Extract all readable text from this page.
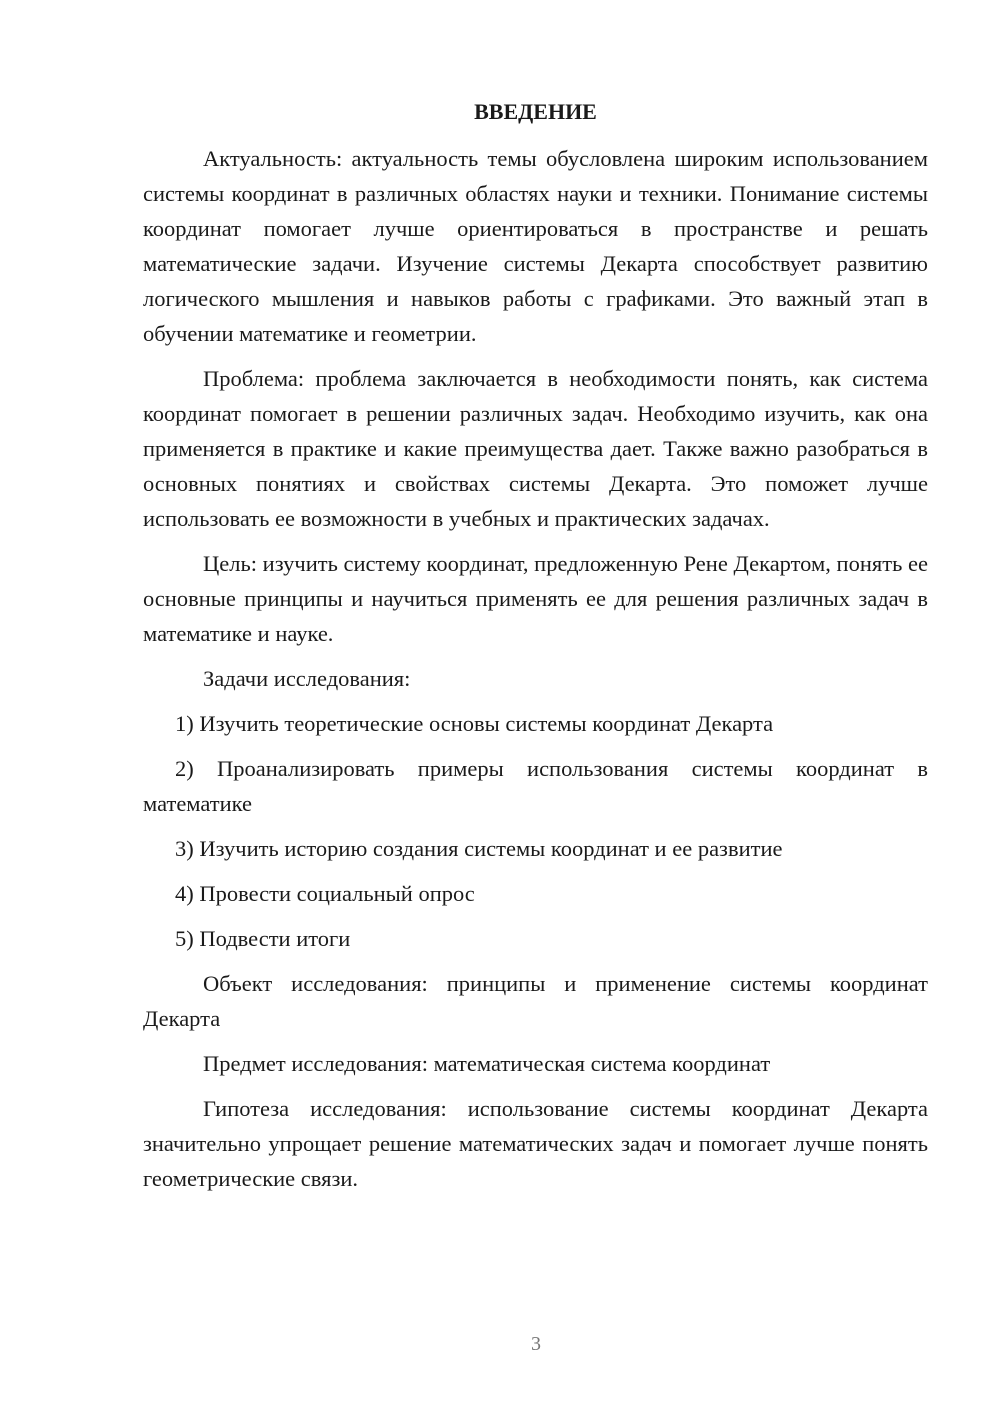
ВВЕДЕНИЕ

Актуальность: актуальность темы обусловлена широким использованием системы координат в различных областях науки и техники. Понимание системы координат помогает лучше ориентироваться в пространстве и решать математические задачи. Изучение системы Декарта способствует развитию логического мышления и навыков работы с графиками. Это важный этап в обучении математике и геометрии.

Проблема: проблема заключается в необходимости понять, как система координат помогает в решении различных задач. Необходимо изучить, как она применяется в практике и какие преимущества дает. Также важно разобраться в основных понятиях и свойствах системы Декарта. Это поможет лучше использовать ее возможности в учебных и практических задачах.

Цель: изучить систему координат, предложенную Рене Декартом, понять ее основные принципы и научиться применять ее для решения различных задач в математике и науке.

Задачи исследования:

1) Изучить теоретические основы системы координат Декарта

2) Проанализировать примеры использования системы координат в математике

3) Изучить историю создания системы координат и ее развитие

4) Провести социальный опрос

5) Подвести итоги

Объект исследования: принципы и применение системы координат Декарта

Предмет исследования: математическая система координат

Гипотеза исследования: использование системы координат Декарта значительно упрощает решение математических задач и помогает лучше понять геометрические связи.

3
